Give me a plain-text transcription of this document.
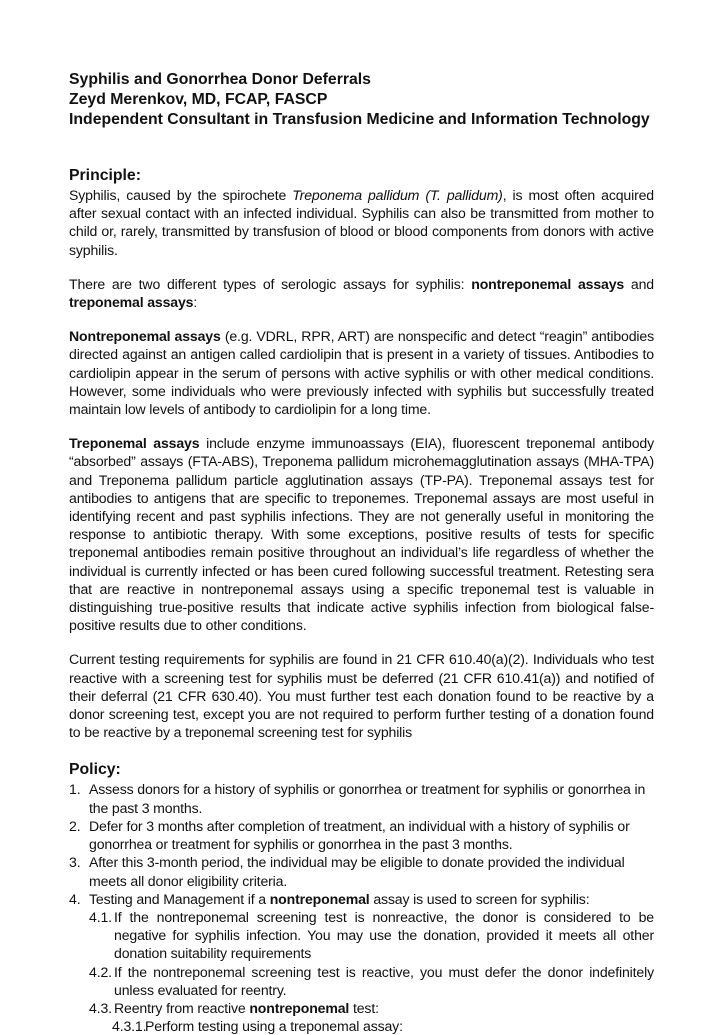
Syphilis and Gonorrhea Donor Deferrals
Zeyd Merenkov, MD, FCAP, FASCP
Independent Consultant in Transfusion Medicine and Information Technology
Principle:

Syphilis, caused by the spirochete Treponema pallidum (T. pallidum), is most often acquired after sexual contact with an infected individual. Syphilis can also be transmitted from mother to child or, rarely, transmitted by transfusion of blood or blood components from donors with active syphilis.

There are two different types of serologic assays for syphilis: nontreponemal assays and treponemal assays:

Nontreponemal assays (e.g. VDRL, RPR, ART) are nonspecific and detect “reagin” antibodies directed against an antigen called cardiolipin that is present in a variety of tissues. Antibodies to cardiolipin appear in the serum of persons with active syphilis or with other medical conditions. However, some individuals who were previously infected with syphilis but successfully treated maintain low levels of antibody to cardiolipin for a long time.

Treponemal assays include enzyme immunoassays (EIA), fluorescent treponemal antibody “absorbed” assays (FTA-ABS), Treponema pallidum microhemagglutination assays (MHA-TPA) and Treponema pallidum particle agglutination assays (TP-PA). Treponemal assays test for antibodies to antigens that are specific to treponemes. Treponemal assays are most useful in identifying recent and past syphilis infections. They are not generally useful in monitoring the response to antibiotic therapy. With some exceptions, positive results of tests for specific treponemal antibodies remain positive throughout an individual’s life regardless of whether the individual is currently infected or has been cured following successful treatment. Retesting sera that are reactive in nontreponemal assays using a specific treponemal test is valuable in distinguishing true-positive results that indicate active syphilis infection from biological false-positive results due to other conditions.

Current testing requirements for syphilis are found in 21 CFR 610.40(a)(2). Individuals who test reactive with a screening test for syphilis must be deferred (21 CFR 610.41(a)) and notified of their deferral (21 CFR 630.40). You must further test each donation found to be reactive by a donor screening test, except you are not required to perform further testing of a donation found to be reactive by a treponemal screening test for syphilis

Policy:
1. Assess donors for a history of syphilis or gonorrhea or treatment for syphilis or gonorrhea in the past 3 months.
2. Defer for 3 months after completion of treatment, an individual with a history of syphilis or gonorrhea or treatment for syphilis or gonorrhea in the past 3 months.
3. After this 3-month period, the individual may be eligible to donate provided the individual meets all donor eligibility criteria.
4. Testing and Management if a nontreponemal assay is used to screen for syphilis:
4.1. If the nontreponemal screening test is nonreactive, the donor is considered to be negative for syphilis infection. You may use the donation, provided it meets all other donation suitability requirements
4.2. If the nontreponemal screening test is reactive, you must defer the donor indefinitely unless evaluated for reentry.
4.3. Reentry from reactive nontreponemal test:
4.3.1.
Perform testing using a treponemal assay:
